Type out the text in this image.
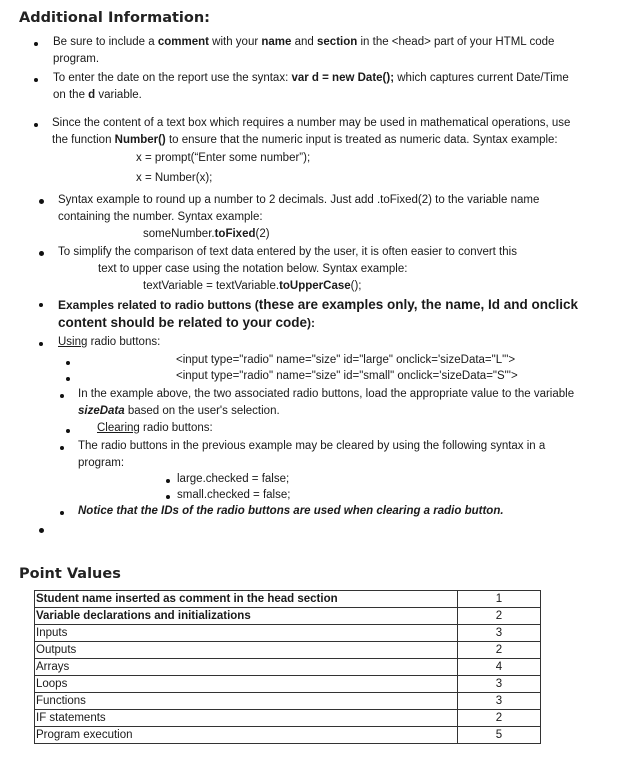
Additional Information:
Be sure to include a comment with your name and section in the <head> part of your HTML code
program.
To enter the date on the report use the syntax: var d = new Date(); which captures current Date/Time
on the d variable.
Since the content of a text box which requires a number may be used in mathematical operations, use
the function Number() to ensure that the numeric input is treated as numeric data. Syntax example:
x = prompt(“Enter some number”);
x = Number(x);
Syntax example to round up a number to 2 decimals. Just add .toFixed(2) to the variable name
containing the number. Syntax example:
someNumber.toFixed(2)
To simplify the comparison of text data entered by the user, it is often easier to convert this
text to upper case using the notation below. Syntax example:
textVariable = textVariable.toUpperCase();
Examples related to radio buttons (these are examples only, the name, Id and onclick
content should be related to your code):
Using radio buttons:
<input type="radio" name="size" id="large" onclick='sizeData="L"'>
<input type="radio" name="size" id="small" onclick='sizeData="S"'>
In the example above, the two associated radio buttons, load the appropriate value to the variable
sizeData based on the user's selection.
Clearing radio buttons:
The radio buttons in the previous example may be cleared by using the following syntax in a
program:
large.checked = false;
small.checked = false;
Notice that the IDs of the radio buttons are used when clearing a radio button.
Point Values
Student name inserted as comment in the head section	1
Variable declarations and initializations	2
Inputs	3
Outputs	2
Arrays	4
Loops	3
Functions	3
IF statements	2
Program execution	5
